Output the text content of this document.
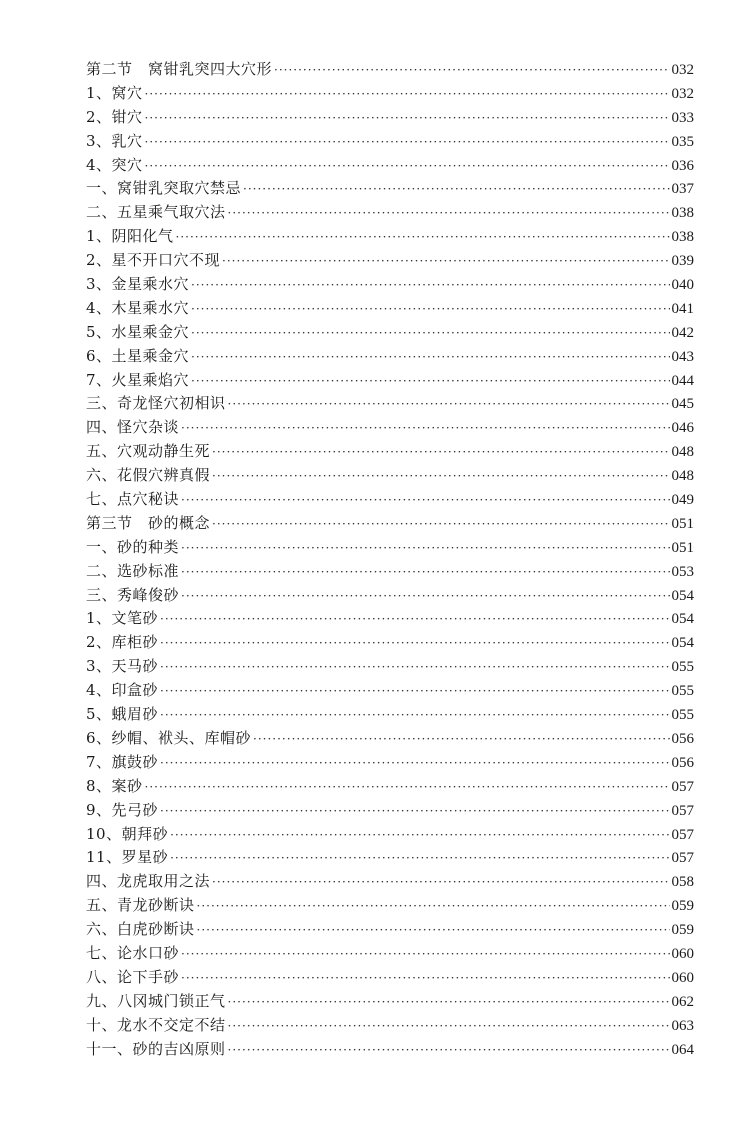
第二节　窝钳乳突四大穴形 ·····	032
1、窝穴 ·····	032
2、钳穴 ·····	033
3、乳穴 ·····	035
4、突穴 ·····	036
一、窝钳乳突取穴禁忌 ·····	037
二、五星乘气取穴法 ·····	038
1、阴阳化气 ·····	038
2、星不开口穴不现 ·····	039
3、金星乘水穴 ·····	040
4、木星乘水穴 ·····	041
5、水星乘金穴 ·····	042
6、土星乘金穴 ·····	043
7、火星乘焰穴 ·····	044
三、奇龙怪穴初相识 ·····	045
四、怪穴杂谈 ·····	046
五、穴观动静生死 ·····	048
六、花假穴辨真假 ·····	048
七、点穴秘诀 ·····	049
第三节　砂的概念 ·····	051
一、砂的种类 ·····	051
二、选砂标准 ·····	053
三、秀峰俊砂 ·····	054
1、文笔砂 ·····	054
2、库柜砂 ·····	054
3、天马砂 ·····	055
4、印盒砂 ·····	055
5、蛾眉砂 ·····	055
6、纱帽、袱头、库帽砂 ·····	056
7、旗鼓砂 ·····	056
8、案砂 ·····	057
9、先弓砂 ·····	057
10、朝拜砂 ·····	057
11、罗星砂 ·····	057
四、龙虎取用之法 ·····	058
五、青龙砂断诀 ·····	059
六、白虎砂断诀 ·····	059
七、论水口砂 ·····	060
八、论下手砂 ·····	060
九、八冈城门锁正气 ·····	062
十、龙水不交定不结 ·····	063
十一、砂的吉凶原则 ·····	064
